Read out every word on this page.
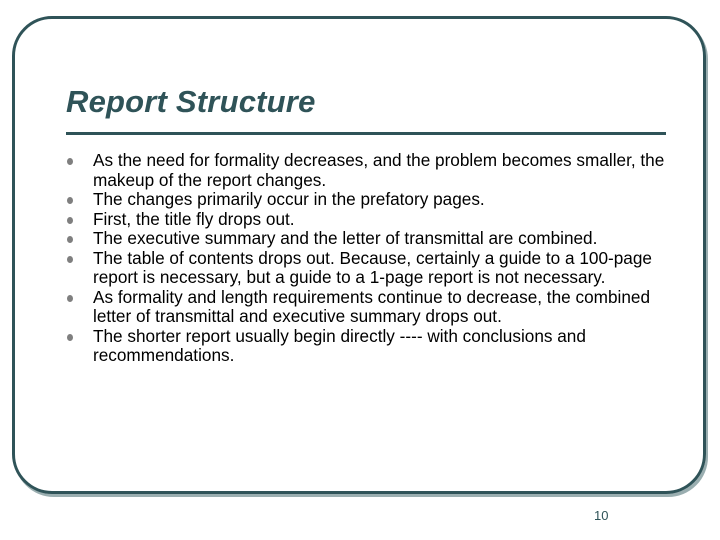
Report Structure
As the need for formality decreases, and the problem becomes smaller, the makeup of the report changes.
The changes primarily occur in the prefatory pages.
First, the title fly drops out.
The executive summary and the letter of transmittal are combined.
The table of contents drops out. Because, certainly a guide to a 100-page report is necessary, but a guide to a 1-page report is not necessary.
As formality and length requirements continue to decrease, the combined letter of transmittal and executive summary drops out.
The shorter report usually begin directly ---- with conclusions and recommendations.
10
